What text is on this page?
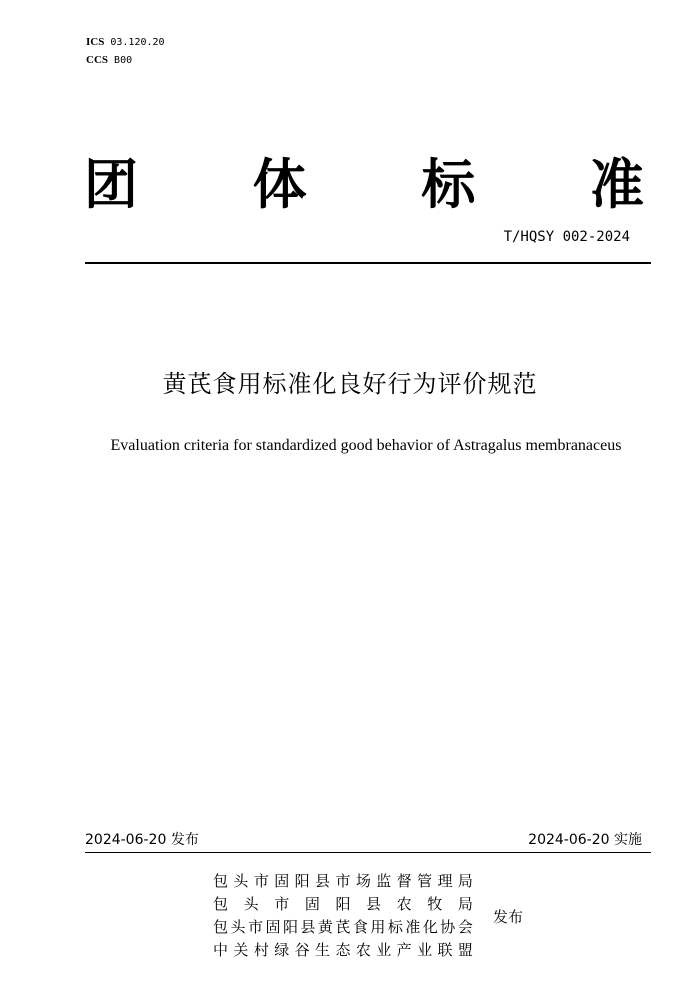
ICS 03.120.20
CCS B00
团 体 标 准
T/HQSY 002-2024
黄芪食用标准化良好行为评价规范
Evaluation criteria for standardized good behavior of Astragalus membranaceus
2024-06-20 发布	2024-06-20 实施
包 头 市 固 阳 县 市 场 监 督 管 理 局
包 头 市 固 阳 县 农 牧 局
包 头 市 固 阳 县 黄 芪 食 用 标 准 化 协 会
中 关 村 绿 谷 生 态 农 业 产 业 联 盟
发布
